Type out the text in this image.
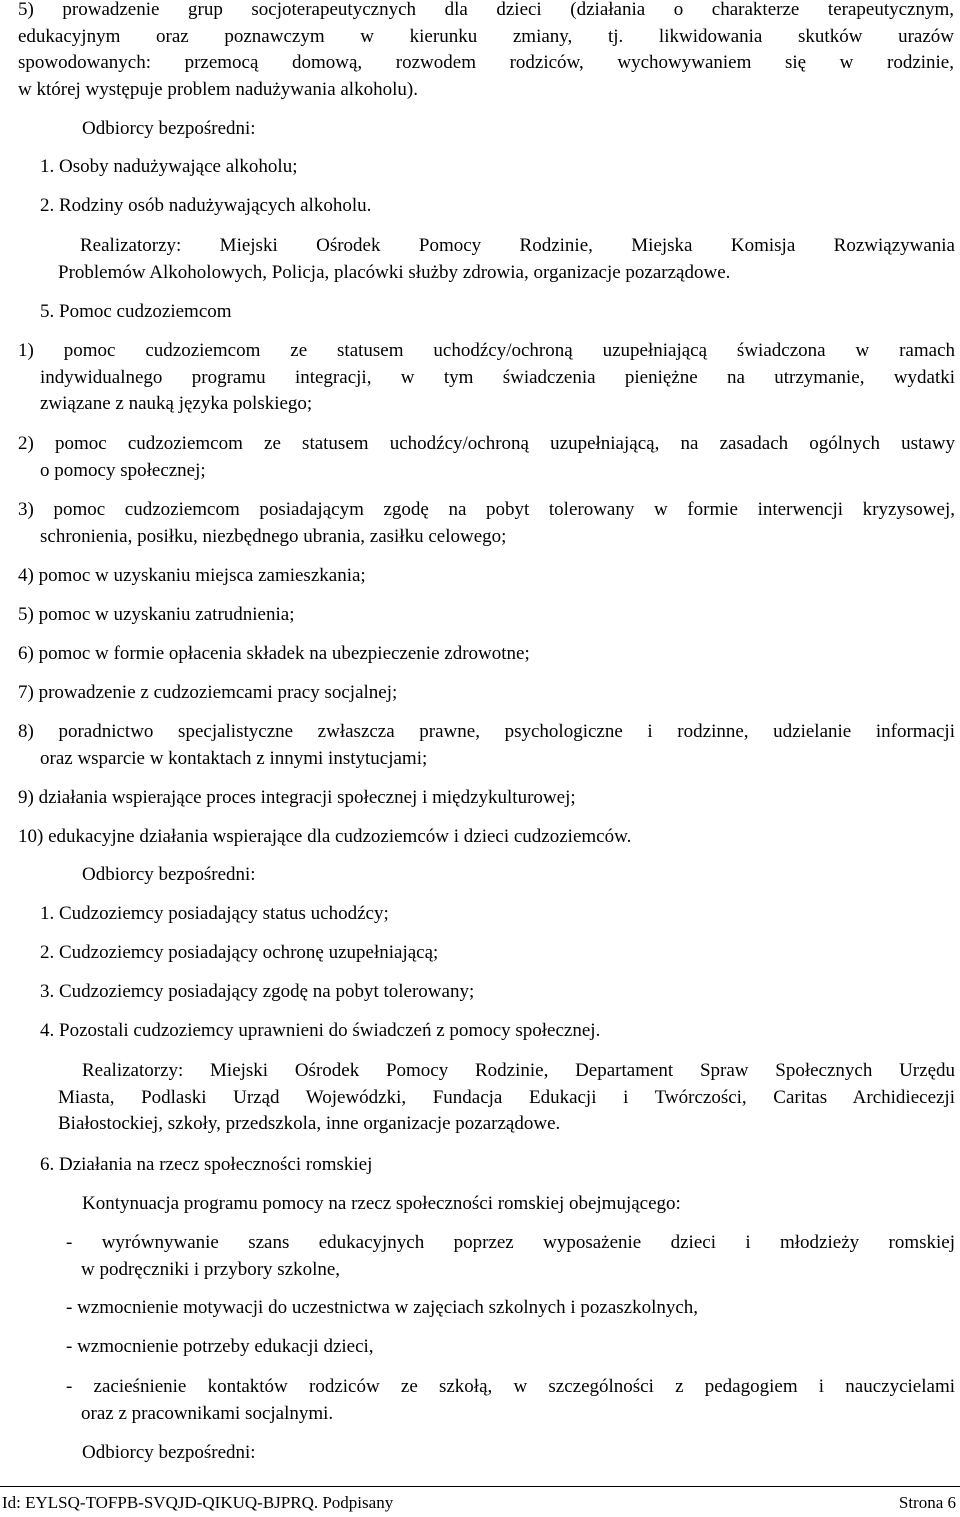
5) prowadzenie grup socjoterapeutycznych dla dzieci (działania o charakterze terapeutycznym,
edukacyjnym oraz poznawczym w kierunku zmiany, tj. likwidowania skutków urazów
spowodowanych: przemocą domową, rozwodem rodziców, wychowywaniem się w rodzinie,
w której występuje problem nadużywania alkoholu).
Odbiorcy bezpośredni:
1. Osoby nadużywające alkoholu;
2. Rodziny osób nadużywających alkoholu.
Realizatorzy: Miejski Ośrodek Pomocy Rodzinie, Miejska Komisja Rozwiązywania
Problemów Alkoholowych, Policja, placówki służby zdrowia, organizacje pozarządowe.
5. Pomoc cudzoziemcom
1) pomoc cudzoziemcom ze statusem uchodźcy/ochroną uzupełniającą świadczona w ramach
indywidualnego programu integracji, w tym świadczenia pieniężne na utrzymanie, wydatki
związane z nauką języka polskiego;
2) pomoc cudzoziemcom ze statusem uchodźcy/ochroną uzupełniającą, na zasadach ogólnych ustawy
o pomocy społecznej;
3) pomoc cudzoziemcom posiadającym zgodę na pobyt tolerowany w formie interwencji kryzysowej,
schronienia, posiłku, niezbędnego ubrania, zasiłku celowego;
4) pomoc w uzyskaniu miejsca zamieszkania;
5) pomoc w uzyskaniu zatrudnienia;
6) pomoc w formie opłacenia składek na ubezpieczenie zdrowotne;
7) prowadzenie z cudzoziemcami pracy socjalnej;
8) poradnictwo specjalistyczne zwłaszcza prawne, psychologiczne i rodzinne, udzielanie informacji
oraz wsparcie w kontaktach z innymi instytucjami;
9) działania wspierające proces integracji społecznej i międzykulturowej;
10) edukacyjne działania wspierające dla cudzoziemców i dzieci cudzoziemców.
Odbiorcy bezpośredni:
1. Cudzoziemcy posiadający status uchodźcy;
2. Cudzoziemcy posiadający ochronę uzupełniającą;
3. Cudzoziemcy posiadający zgodę na pobyt tolerowany;
4. Pozostali cudzoziemcy uprawnieni do świadczeń z pomocy społecznej.
Realizatorzy: Miejski Ośrodek Pomocy Rodzinie, Departament Spraw Społecznych Urzędu
Miasta, Podlaski Urząd Wojewódzki, Fundacja Edukacji i Twórczości, Caritas Archidiecezji
Białostockiej, szkoły, przedszkola, inne organizacje pozarządowe.
6. Działania na rzecz społeczności romskiej
Kontynuacja programu pomocy na rzecz społeczności romskiej obejmującego:
- wyrównywanie szans edukacyjnych poprzez wyposażenie dzieci i młodzieży romskiej
w podręczniki i przybory szkolne,
- wzmocnienie motywacji do uczestnictwa w zajęciach szkolnych i pozaszkolnych,
- wzmocnienie potrzeby edukacji dzieci,
- zacieśnienie kontaktów rodziców ze szkołą, w szczególności z pedagogiem i nauczycielami
oraz z pracownikami socjalnymi.
Odbiorcy bezpośredni:
Id: EYLSQ-TOFPB-SVQJD-QIKUQ-BJPRQ. Podpisany	Strona 6
